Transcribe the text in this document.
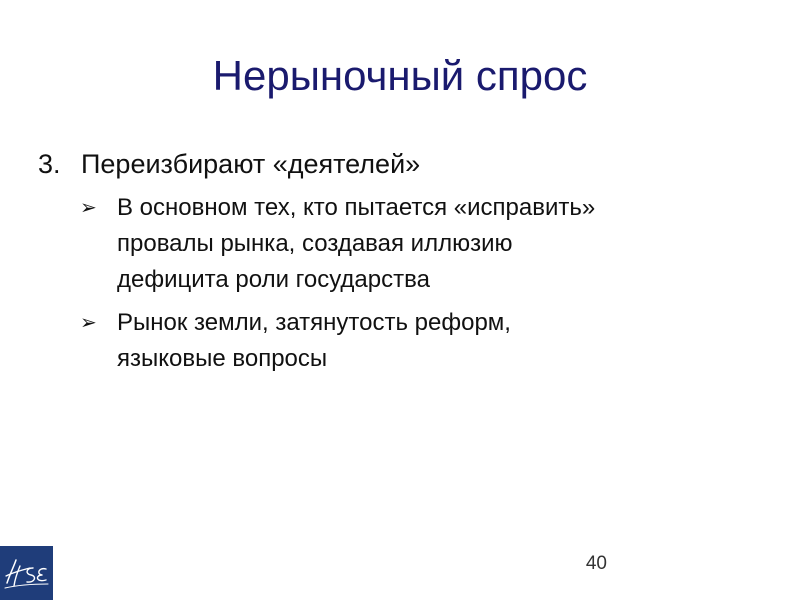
Нерыночный спрос
3. Переизбирают «деятелей»
➢ В основном тех, кто пытается «исправить»
провалы рынка, создавая иллюзию
дефицита роли государства
➢ Рынок земли, затянутость реформ,
языковые вопросы
40
